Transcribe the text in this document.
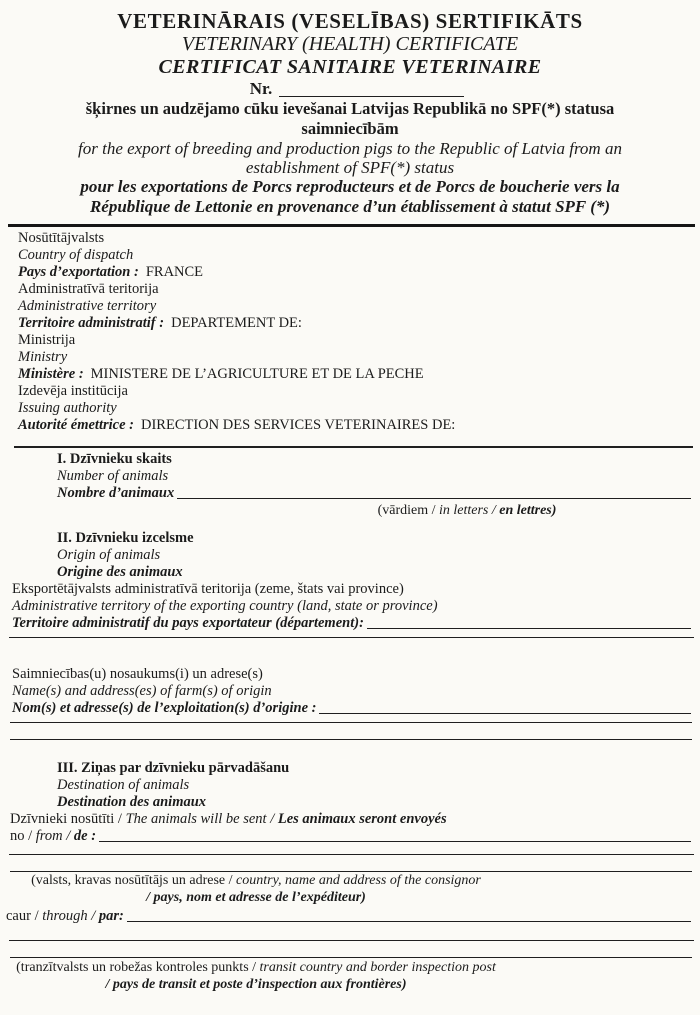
VETERINĀRAIS (VESELĪBAS) SERTIFIKĀTS
VETERINARY (HEALTH) CERTIFICATE
CERTIFICAT SANITAIRE VETERINAIRE
Nr.
šķirnes un audzējamo cūku ievešanai Latvijas Republikā no SPF(*) statusa
saimniecībām
for the export of breeding and production pigs to the Republic of Latvia from an
establishment of SPF(*) status
pour les exportations de Porcs reproducteurs et de Porcs de boucherie vers la
République de Lettonie en provenance d’un établissement à statut SPF (*)
Nosūtītājvalsts
Country of dispatch
Pays d’exportation : FRANCE
Administratīvā teritorija
Administrative territory
Territoire administratif : DEPARTEMENT DE:
Ministrija
Ministry
Ministère : MINISTERE DE L’AGRICULTURE ET DE LA PECHE
Izdevēja institūcija
Issuing authority
Autorité émettrice : DIRECTION DES SERVICES VETERINAIRES DE:
I. Dzīvnieku skaits
Number of animals
Nombre d’animaux
(vārdiem / in letters / en lettres)
II. Dzīvnieku izcelsme
Origin of animals
Origine des animaux
Eksportētājvalsts administratīvā teritorija (zeme, štats vai province)
Administrative territory of the exporting country (land, state or province)
Territoire administratif du pays exportateur (département):
Saimniecības(u) nosaukums(i) un adrese(s)
Name(s) and address(es) of farm(s) of origin
Nom(s) et adresse(s) de l’exploitation(s) d’origine :
III. Ziņas par dzīvnieku pārvadāšanu
Destination of animals
Destination des animaux
Dzīvnieki nosūtīti / The animals will be sent / Les animaux seront envoyés
no / from / de :
(valsts, kravas nosūtītājs un adrese / country, name and address of the consignor
/ pays, nom et adresse de l’expéditeur)
caur / through / par:
(tranzītvalsts un robežas kontroles punkts / transit country and border inspection post
/ pays de transit et poste d’inspection aux frontières)
